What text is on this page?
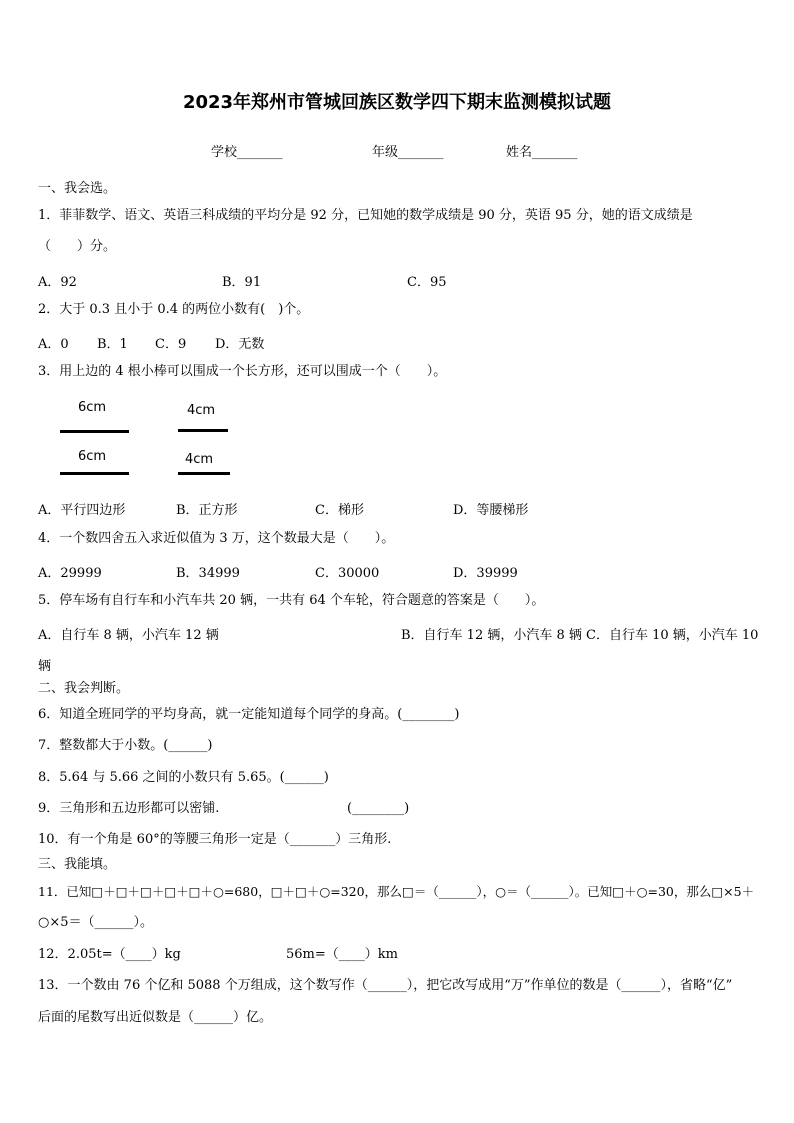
2023年郑州市管城回族区数学四下期末监测模拟试题
学校_______	年级_______	姓名_______
一、我会选。
1．菲菲数学、语文、英语三科成绩的平均分是 92 分，已知她的数学成绩是 90 分，英语 95 分，她的语文成绩是
（　　）分。
A．92	B．91	C．95
2．大于 0.3 且小于 0.4 的两位小数有(　)个。
A．0 B．1 C．9 D．无数
3．用上边的 4 根小棒可以围成一个长方形，还可以围成一个（　　）。
6cm	4cm
6cm	4cm
A．平行四边形	B．正方形	C．梯形	D．等腰梯形
4．一个数四舍五入求近似值为 3 万，这个数最大是（　　）。
A．29999	B．34999	C．30000	D．39999
5．停车场有自行车和小汽车共 20 辆，一共有 64 个车轮，符合题意的答案是（　　）。
A．自行车 8 辆，小汽车 12 辆	B．自行车 12 辆，小汽车 8 辆 C．自行车 10 辆，小汽车 10
辆
二、我会判断。
6．知道全班同学的平均身高，就一定能知道每个同学的身高。(________)
7．整数都大于小数。(______)
8．5.64 与 5.66 之间的小数只有 5.65。(______)
9．三角形和五边形都可以密铺.	(________)
10．有一个角是 60°的等腰三角形一定是（_______）三角形.
三、我能填。
11．已知□＋□＋□＋□＋□＋○=680，□＋□＋○=320，那么□＝（______），○＝（______）。已知□＋○=30，那么□×5＋
○×5＝（______）。
12．2.05t=（____）kg	56m=（____）km
13．一个数由 76 个亿和 5088 个万组成，这个数写作（______），把它改写成用“万”作单位的数是（______），省略“亿”
后面的尾数写出近似数是（______）亿。
